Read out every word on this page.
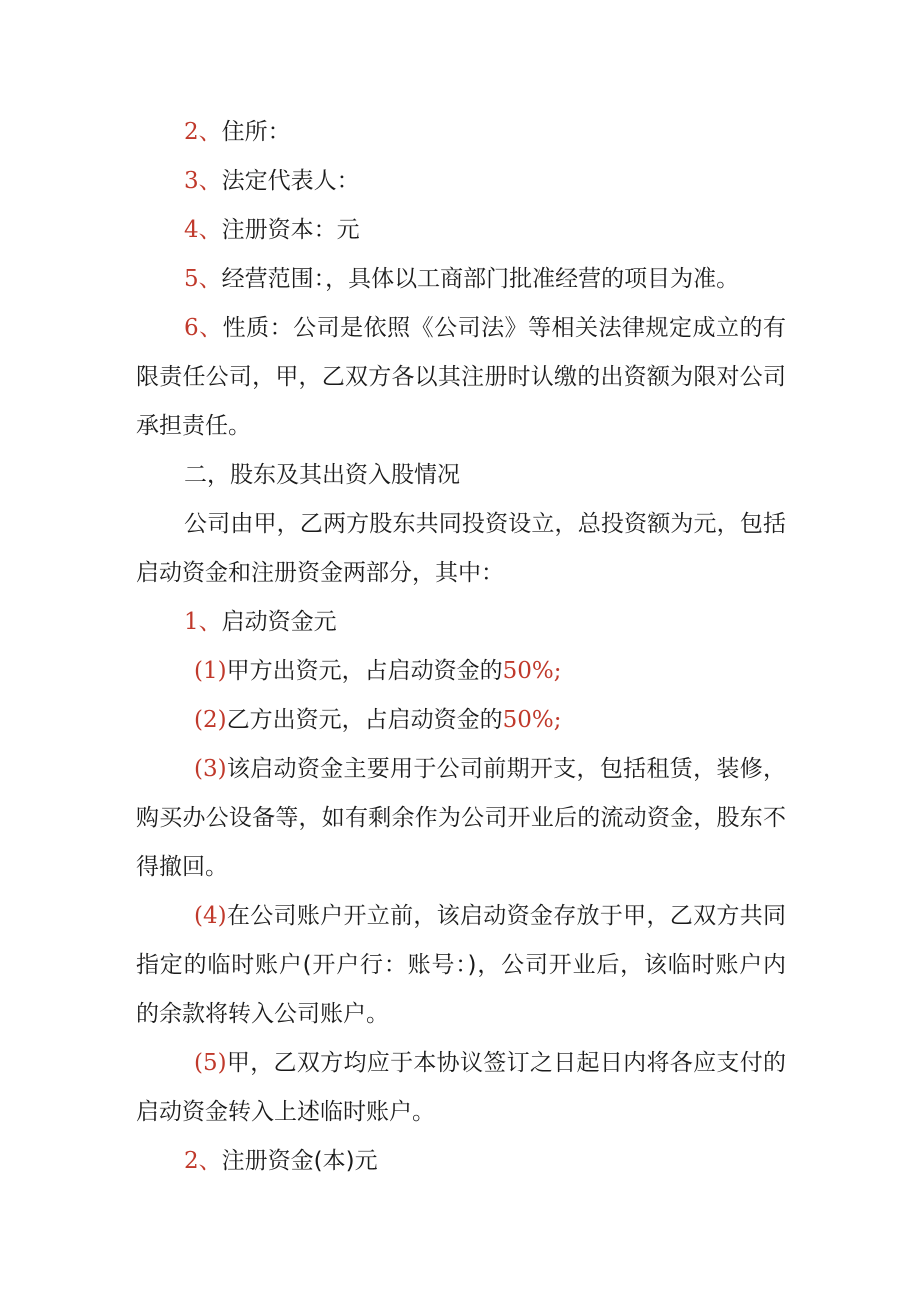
2、住所：

3、法定代表人：

4、注册资本：元

5、经营范围：，具体以工商部门批准经营的项目为准。

6、性质：公司是依照《公司法》等相关法律规定成立的有限责任公司，甲，乙双方各以其注册时认缴的出资额为限对公司承担责任。

二，股东及其出资入股情况

公司由甲，乙两方股东共同投资设立，总投资额为元，包括启动资金和注册资金两部分，其中：

1、启动资金元

(1)甲方出资元，占启动资金的50%;

(2)乙方出资元，占启动资金的50%;

(3)该启动资金主要用于公司前期开支，包括租赁，装修，购买办公设备等，如有剩余作为公司开业后的流动资金，股东不得撤回。

(4)在公司账户开立前，该启动资金存放于甲，乙双方共同指定的临时账户(开户行：账号：)，公司开业后，该临时账户内的余款将转入公司账户。

(5)甲，乙双方均应于本协议签订之日起日内将各应支付的启动资金转入上述临时账户。

2、注册资金(本)元
